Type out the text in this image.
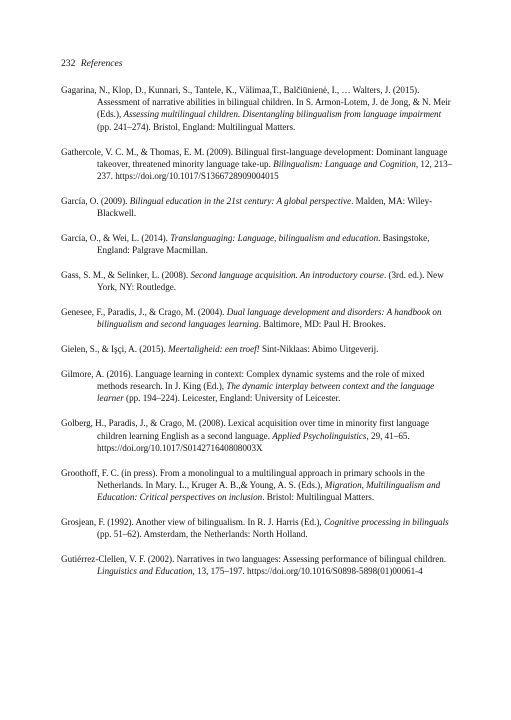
232 References
Gagarina, N., Klop, D., Kunnari, S., Tantele, K., Välimaa,T., Balčiūnienė, I., … Walters, J. (2015). Assessment of narrative abilities in bilingual children. In S. Armon-Lotem, J. de Jong, & N. Meir (Eds.), Assessing multilingual children. Disentangling bilingualism from language impairment (pp. 241–274). Bristol, England: Multilingual Matters.
Gathercole, V. C. M., & Thomas, E. M. (2009). Bilingual first-language development: Dominant language takeover, threatened minority language take-up. Bilingualism: Language and Cognition, 12, 213–237. https://doi.org/10.1017/S1366728909004015
García, O. (2009). Bilingual education in the 21st century: A global perspective. Malden, MA: Wiley-Blackwell.
García, O., & Wei, L. (2014). Translanguaging: Language, bilingualism and education. Basingstoke, England: Palgrave Macmillan.
Gass, S. M., & Selinker, L. (2008). Second language acquisition. An introductory course. (3rd. ed.). New York, NY: Routledge.
Genesee, F., Paradis, J., & Crago, M. (2004). Dual language development and disorders: A handbook on bilingualism and second languages learning. Baltimore, MD: Paul H. Brookes.
Gielen, S., & Işçi, A. (2015). Meertaligheid: een troef! Sint-Niklaas: Abimo Uitgeverij.
Gilmore, A. (2016). Language learning in context: Complex dynamic systems and the role of mixed methods research. In J. King (Ed.), The dynamic interplay between context and the language learner (pp. 194–224). Leicester, England: University of Leicester.
Golberg, H., Paradis, J., & Crago, M. (2008). Lexical acquisition over time in minority first language children learning English as a second language. Applied Psycholinguistics, 29, 41–65. https://doi.org/10.1017/S014271640808003X
Groothoff, F. C. (in press). From a monolingual to a multilingual approach in primary schools in the Netherlands. In Mary. L., Kruger A. B.,& Young, A. S. (Eds.), Migration, Multilingualism and Education: Critical perspectives on inclusion. Bristol: Multilingual Matters.
Grosjean, F. (1992). Another view of bilingualism. In R. J. Harris (Ed.), Cognitive processing in bilinguals (pp. 51–62). Amsterdam, the Netherlands: North Holland.
Gutiérrez-Clellen, V. F. (2002). Narratives in two languages: Assessing performance of bilingual children. Linguistics and Education, 13, 175–197. https://doi.org/10.1016/S0898-5898(01)00061-4
